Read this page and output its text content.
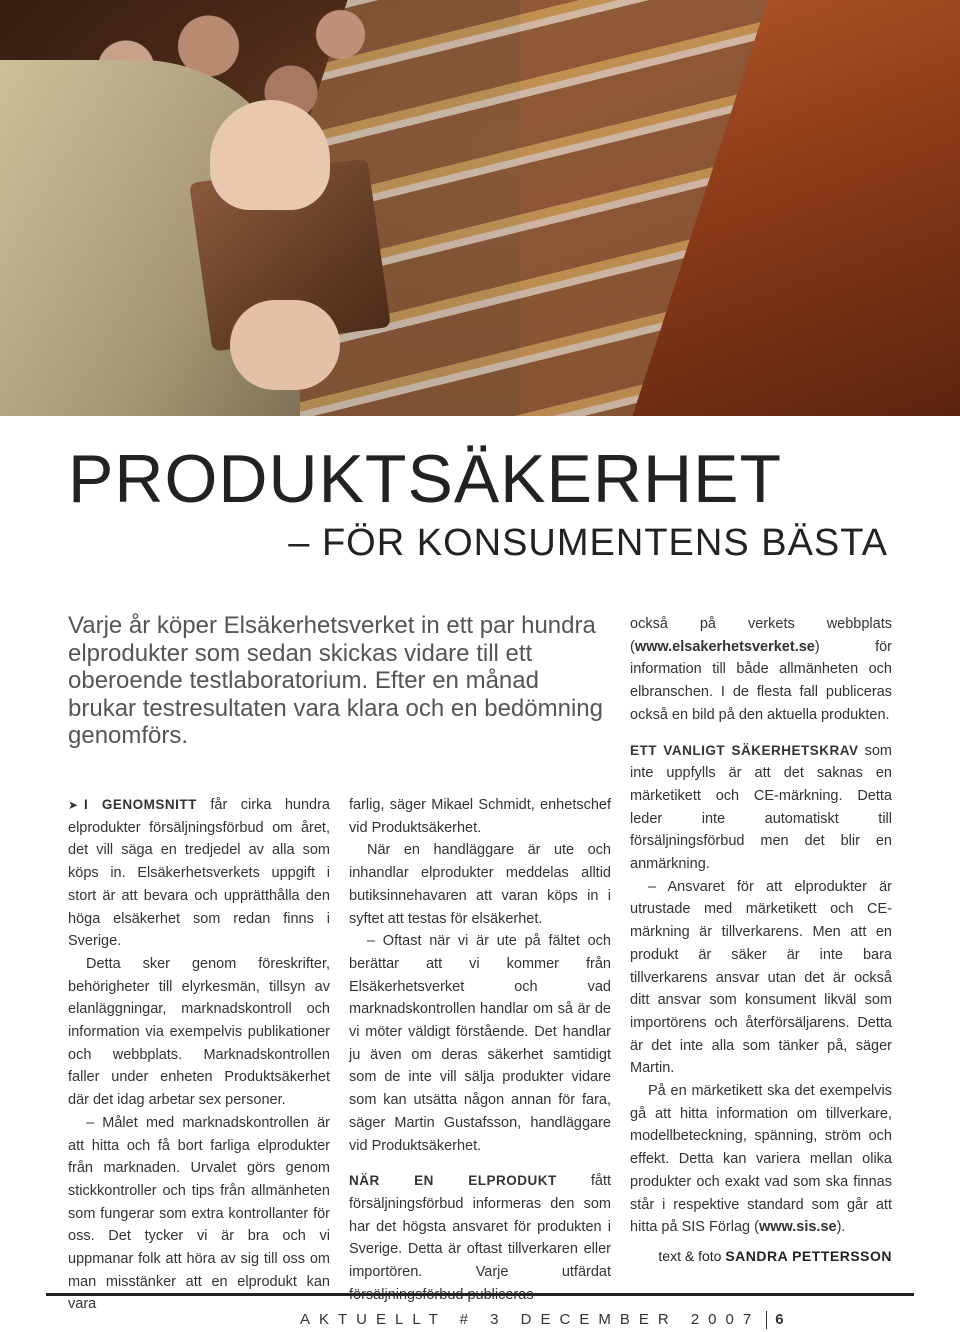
PRODUKTSÄKERHET
– FÖR KONSUMENTENS BÄSTA

Varje år köper Elsäkerhetsverket in ett par hundra elprodukter som sedan skickas vidare till ett oberoende testlaboratorium. Efter en månad brukar testresultaten vara klara och en bedömning genomförs.

➤ I GENOMSNITT får cirka hundra elprodukter försäljningsförbud om året, det vill säga en tredjedel av alla som köps in. Elsäkerhetsverkets uppgift i stort är att bevara och upprätthålla den höga elsäkerhet som redan finns i Sverige.

Detta sker genom föreskrifter, behörigheter till elyrkesmän, tillsyn av elanläggningar, marknadskontroll och information via exempelvis publikationer och webbplats. Marknadskontrollen faller under enheten Produktsäkerhet där det idag arbetar sex personer.

– Målet med marknadskontrollen är att hitta och få bort farliga elprodukter från marknaden. Urvalet görs genom stickkontroller och tips från allmänheten som fungerar som extra kontrollanter för oss. Det tycker vi är bra och vi uppmanar folk att höra av sig till oss om man misstänker att en elprodukt kan vara

farlig, säger Mikael Schmidt, enhetschef vid Produktsäkerhet.

När en handläggare är ute och inhandlar elprodukter meddelas alltid butiksinnehavaren att varan köps in i syftet att testas för elsäkerhet.

– Oftast när vi är ute på fältet och berättar att vi kommer från Elsäkerhetsverket och vad marknadskontrollen handlar om så är de vi möter väldigt förstående. Det handlar ju även om deras säkerhet samtidigt som de inte vill sälja produkter vidare som kan utsätta någon annan för fara, säger Martin Gustafsson, handläggare vid Produktsäkerhet.

NÄR EN ELPRODUKT fått försäljningsförbud informeras den som har det högsta ansvaret för produkten i Sverige. Detta är oftast tillverkaren eller importören. Varje utfärdat

också på verkets webbplats (www.elsakerhetsverket.se) för information till både allmänheten och elbranschen. I de flesta fall publiceras också en bild på den aktuella produkten.

ETT VANLIGT SÄKERHETSKRAV som inte uppfylls är att det saknas en märketikett och CE-märkning. Detta leder inte automatiskt till försäljningsförbud men det blir en anmärkning.

– Ansvaret för att elprodukter är utrustade med märketikett och CE-märkning är tillverkarens. Men att en produkt är säker är inte bara tillverkarens ansvar utan det är också ditt ansvar som konsument likväl som importörens och återförsäljarens. Detta är det inte alla som tänker på, säger Martin.

På en märketikett ska det exempelvis gå att hitta information om tillverkare, modellbeteckning, spänning, ström och effekt. Detta kan variera mellan olika produkter och exakt vad som ska finnas står i respektive standard som går att hitta på SIS Förlag (www.sis.se).

text & foto SANDRA PETTERSSON
AKTUELLT # 3 DECEMBER 2007 6
